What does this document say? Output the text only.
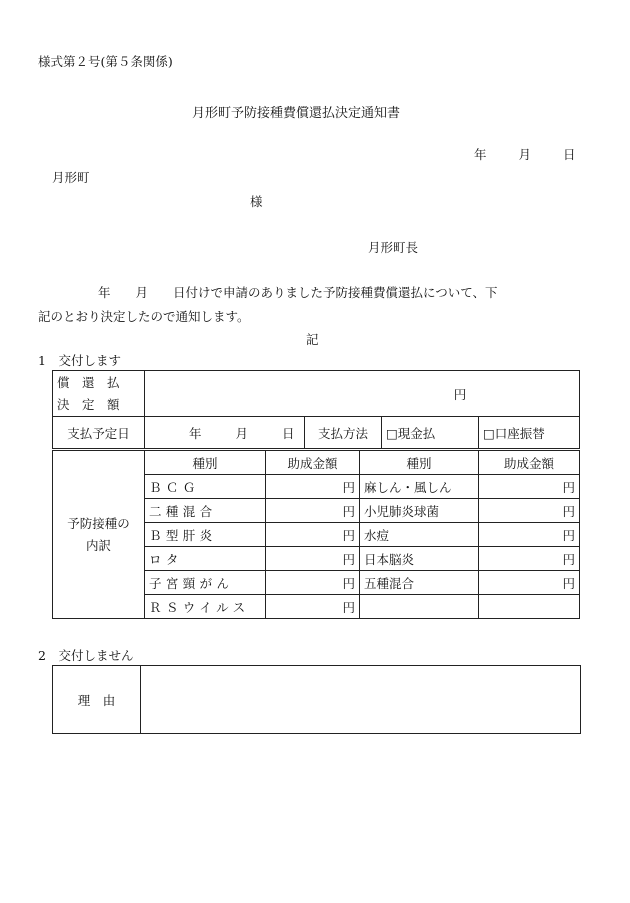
様式第２号(第５条関係)
月形町予防接種費償還払決定通知書
年	月	日
月形町
様
月形町長
年　　月　　日付けで申請のありました予防接種費償還払について、下
記のとおり決定したので通知します。
記
1　交付します
償　還　払
決　定　額	円			
支払予定日	年 月 日	支払方法	□現金払	□口座振替
予防接種の
内訳	種別	助成金額	種別	助成金額
	ＢＣＧ	円	麻しん・風しん	円
	二種混合	円	小児肺炎球菌	円
	Ｂ型肝炎	円	水痘	円
	ロタ	円	日本脳炎	円
	子宮頸がん	円	五種混合	円
	ＲＳウイルス	円		
2　交付しません
理　由	
